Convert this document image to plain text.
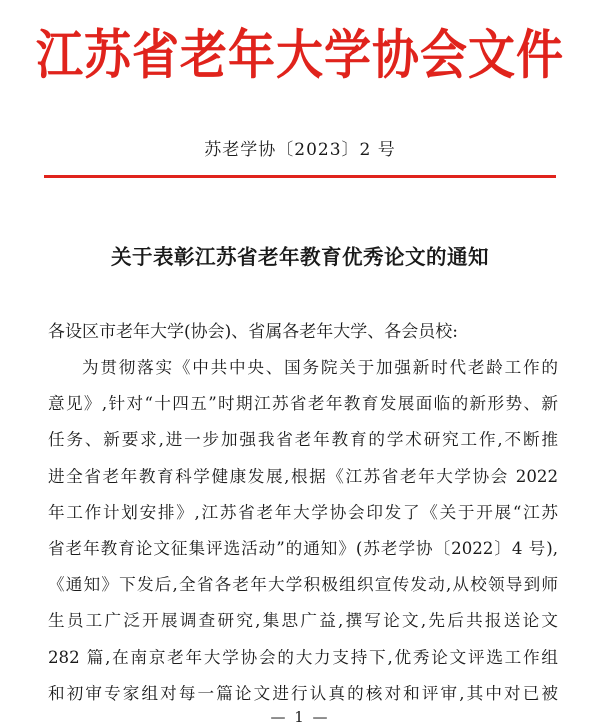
江苏省老年大学协会文件
苏老学协〔2023〕2 号
关于表彰江苏省老年教育优秀论文的通知
各设区市老年大学(协会)、省属各老年大学、各会员校:
为贯彻落实《中共中央、国务院关于加强新时代老龄工作的
意见》,针对“十四五”时期江苏省老年教育发展面临的新形势、新
任务、新要求,进一步加强我省老年教育的学术研究工作,不断推
进全省老年教育科学健康发展,根据《江苏省老年大学协会 2022
年工作计划安排》,江苏省老年大学协会印发了《关于开展“江苏
省老年教育论文征集评选活动”的通知》(苏老学协〔2022〕4 号),
《通知》下发后,全省各老年大学积极组织宣传发动,从校领导到师
生员工广泛开展调查研究,集思广益,撰写论文,先后共报送论文
282 篇,在南京老年大学协会的大力支持下,优秀论文评选工作组
和初审专家组对每一篇论文进行认真的核对和评审,其中对已被
— 1 —
